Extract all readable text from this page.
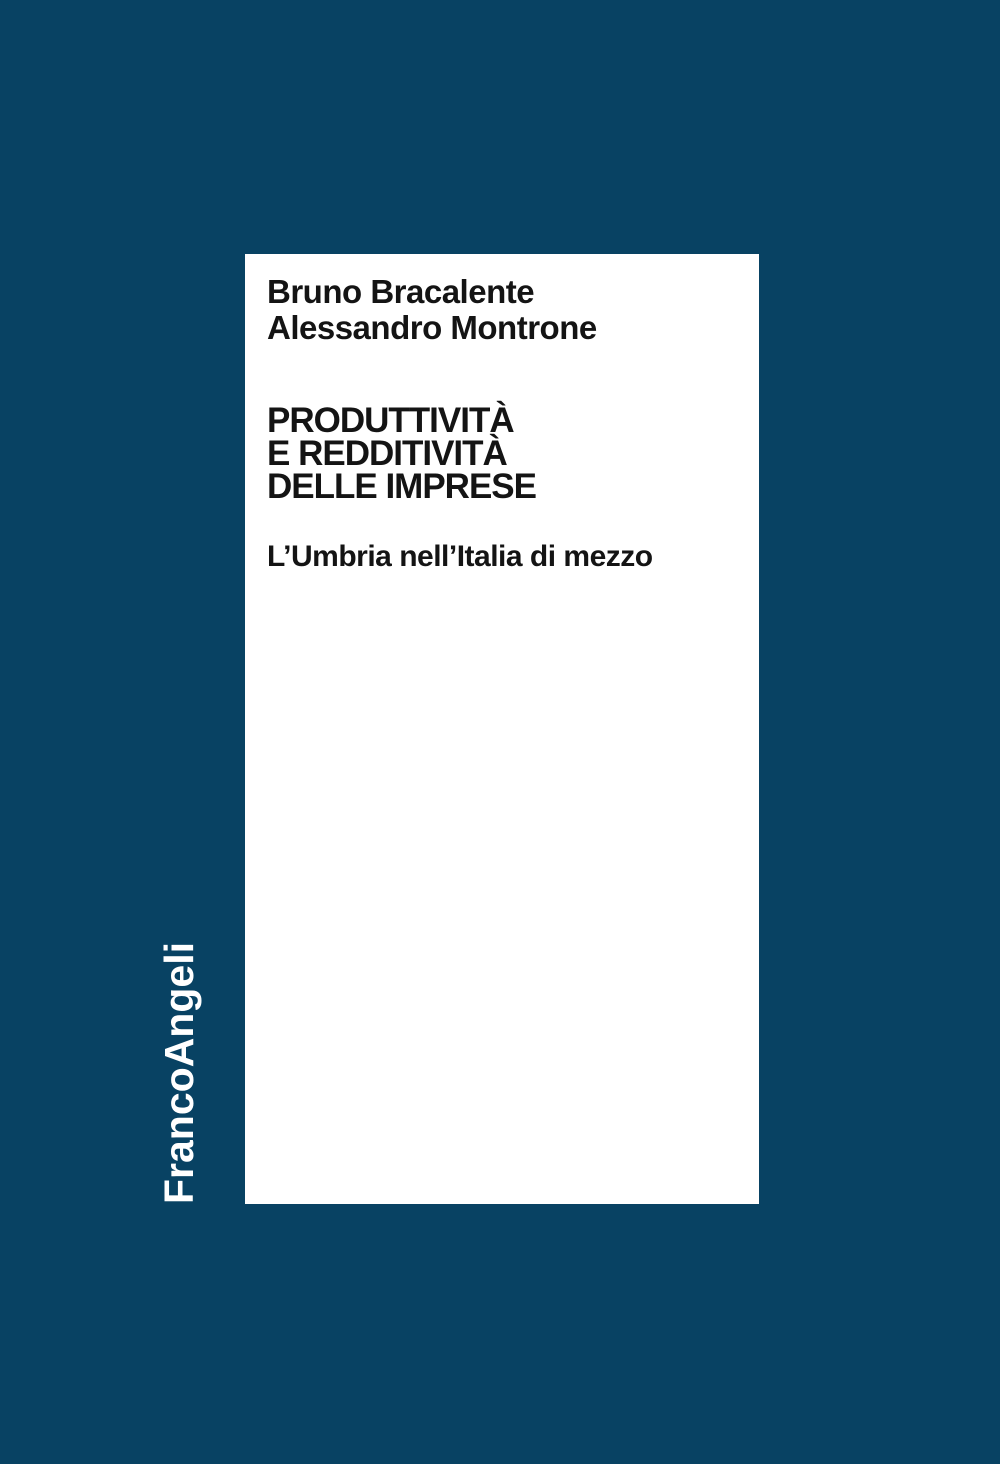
Bruno Bracalente
Alessandro Montrone
PRODUTTIVITÀ
E REDDITIVITÀ
DELLE IMPRESE
L’Umbria nell’Italia di mezzo
FrancoAngeli
